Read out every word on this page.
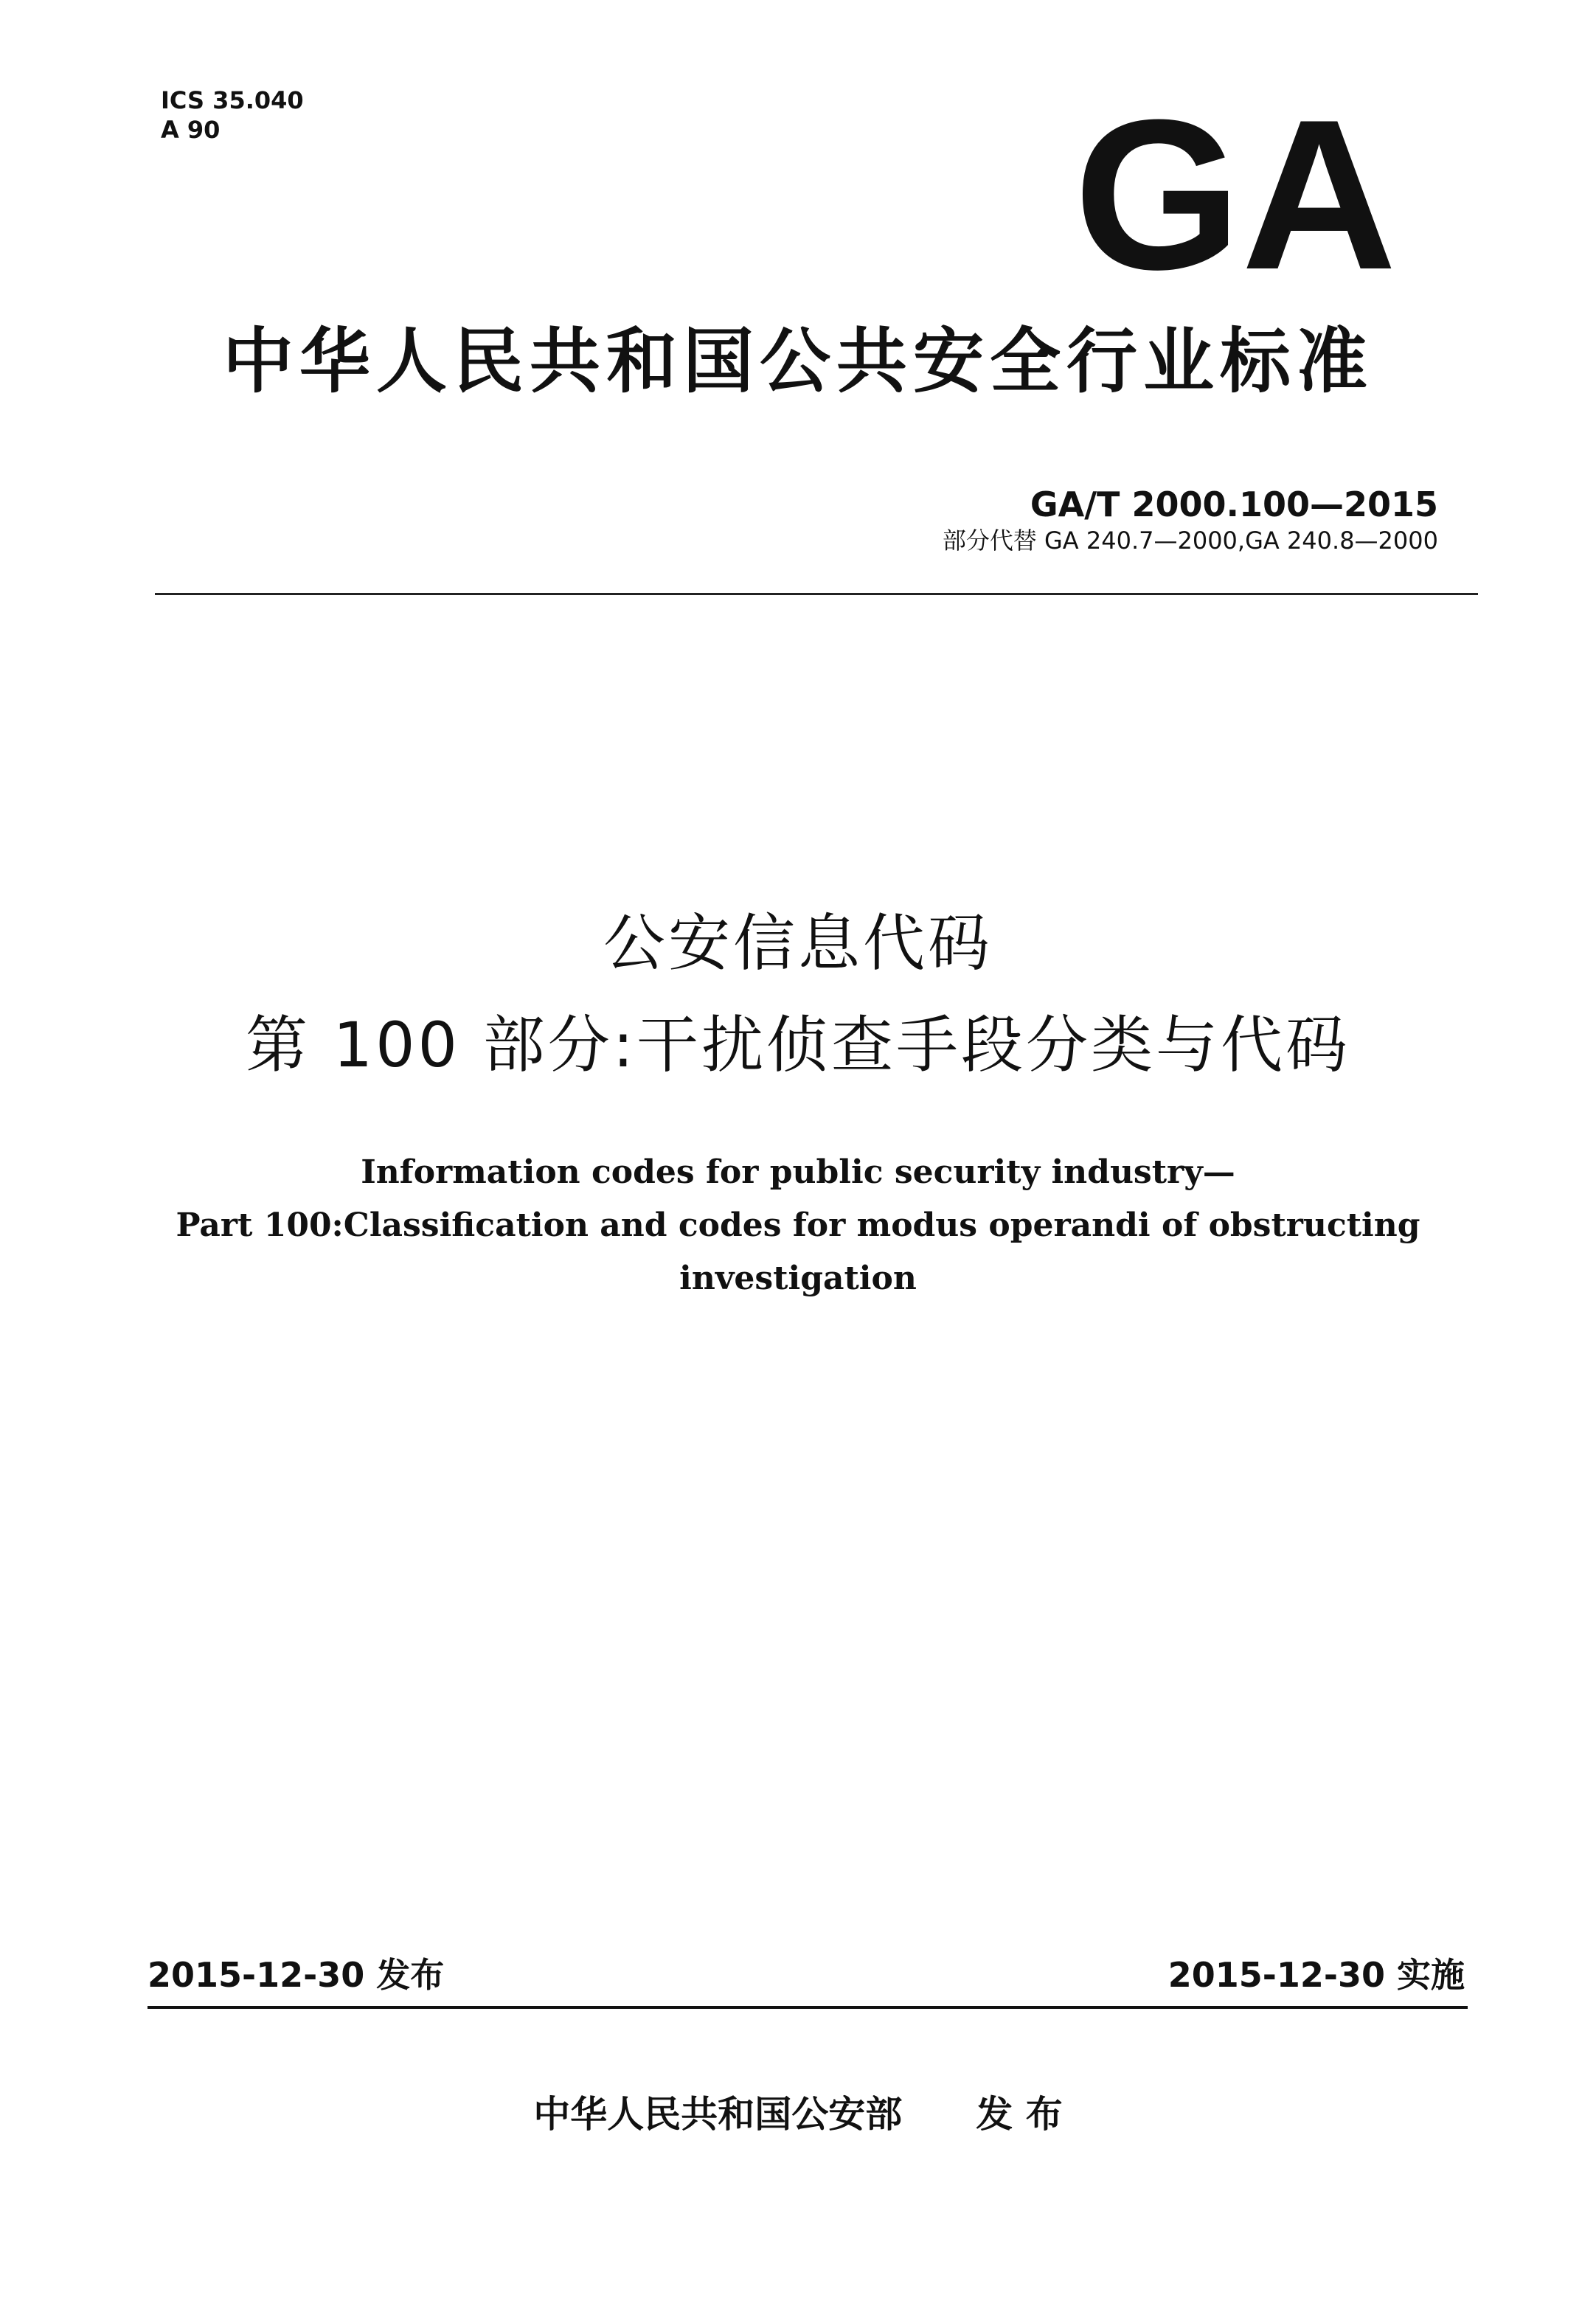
ICS 35.040
A 90	GA
中华人民共和国公共安全行业标准
GA/T 2000.100—2015
部分代替 GA 240.7—2000,GA 240.8—2000
公安信息代码
第 100 部分:干扰侦查手段分类与代码
Information codes for public security industry—
Part 100:Classification and codes for modus operandi of obstructing
investigation
2015-12-30 发布	2015-12-30 实施
中华人民共和国公安部 发 布
